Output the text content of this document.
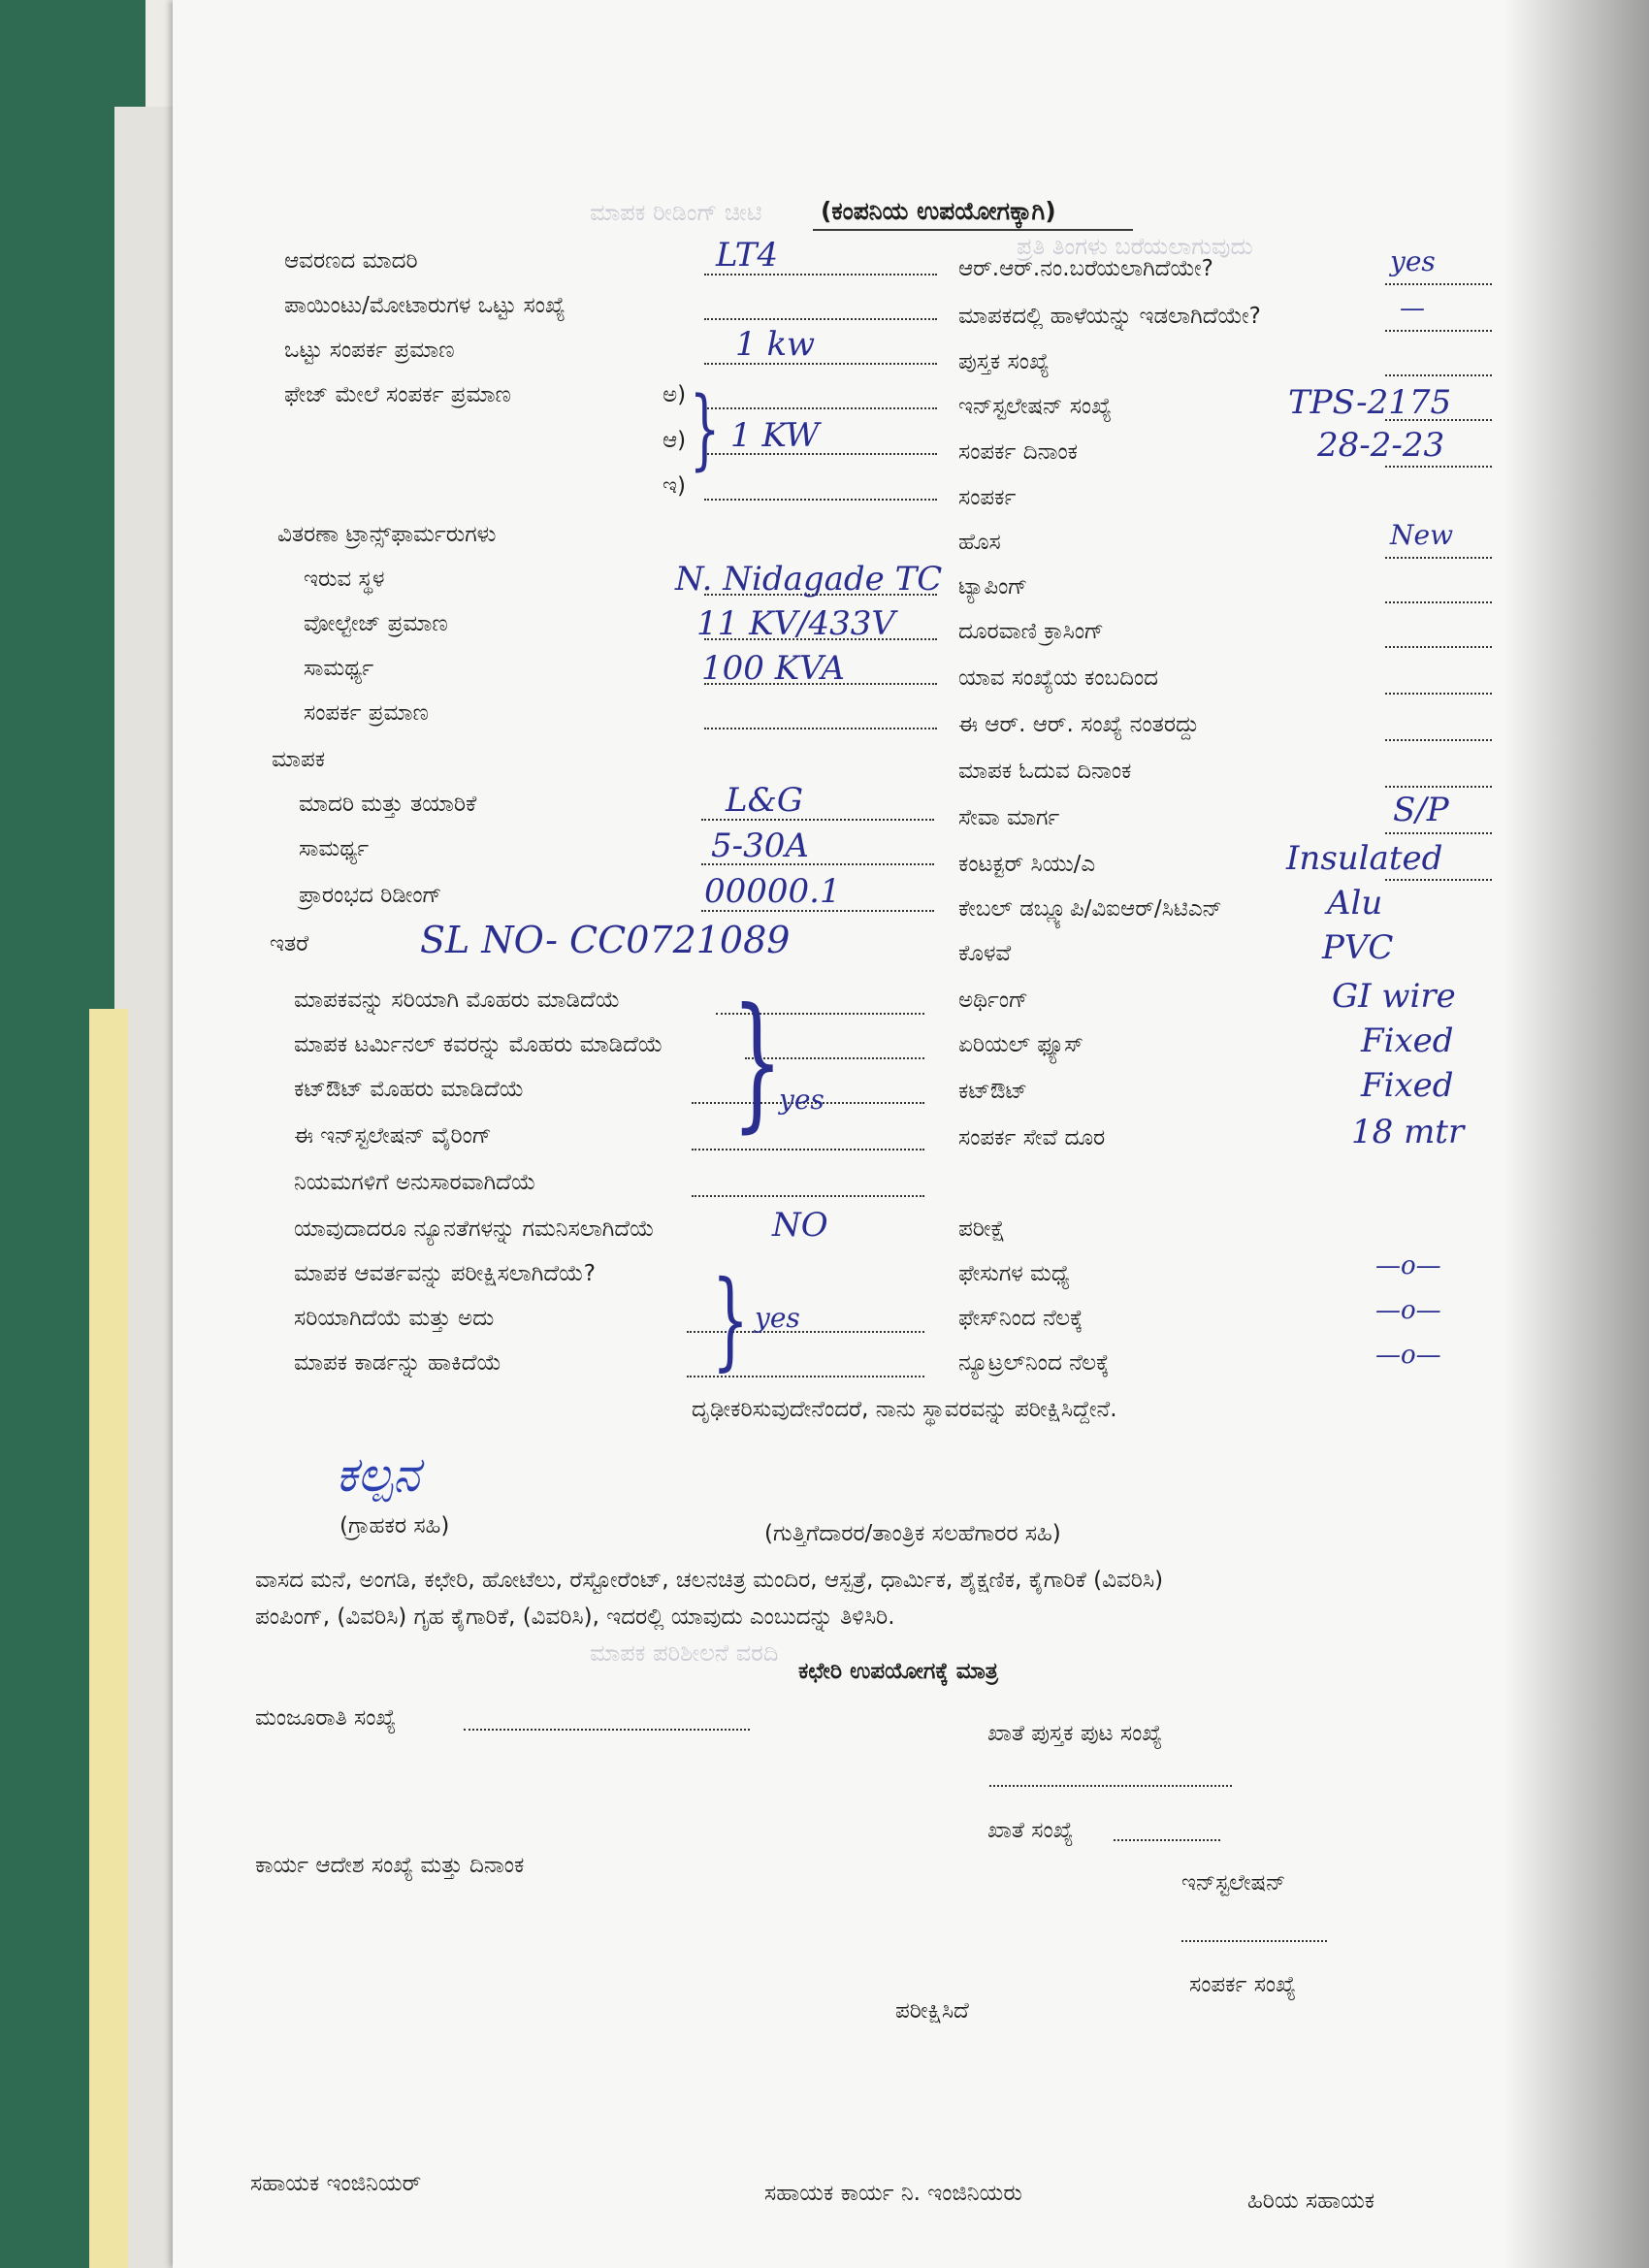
ಮಾಪಕ ರೀಡಿಂಗ್ ಚೀಟಿ
ಪ್ರತಿ ತಿಂಗಳು ಬರೆಯಲಾಗುವುದು
ಮಾಪಕ ಪರಿಶೀಲನೆ ವರದಿ
(ಕಂಪನಿಯ ಉಪಯೋಗಕ್ಕಾಗಿ)
ಆವರಣದ ಮಾದರಿ	LT4
ಪಾಯಿಂಟು/ಮೋಟಾರುಗಳ ಒಟ್ಟು ಸಂಖ್ಯೆ
ಒಟ್ಟು ಸಂಪರ್ಕ ಪ್ರಮಾಣ	1 kw
ಫೇಜ್ ಮೇಲೆ ಸಂಪರ್ಕ ಪ್ರಮಾಣ	ಅ)
ಆ) 1 KW
ಇ)
}
ವಿತರಣಾ ಟ್ರಾನ್ಸ್‌ಫಾರ್ಮರುಗಳು
ಇರುವ ಸ್ಥಳ	N. Nidagade TC
ವೋಲ್ಟೇಜ್ ಪ್ರಮಾಣ	11 KV/433V
ಸಾಮರ್ಥ್ಯ	100 KVA
ಸಂಪರ್ಕ ಪ್ರಮಾಣ
ಮಾಪಕ
ಮಾದರಿ ಮತ್ತು ತಯಾರಿಕೆ	L&G
ಸಾಮರ್ಥ್ಯ	5-30A
ಪ್ರಾರಂಭದ ರಿಡೀಂಗ್	00000.1
ಇತರೆ	SL NO- CC0721089
ಮಾಪಕವನ್ನು ಸರಿಯಾಗಿ ಮೊಹರು ಮಾಡಿದೆಯೆ
ಮಾಪಕ ಟರ್ಮಿನಲ್ ಕವರನ್ನು ಮೊಹರು ಮಾಡಿದೆಯೆ
ಕಟ್‌ಔಟ್ ಮೊಹರು ಮಾಡಿದೆಯೆ
ಈ ಇನ್‌ಸ್ಟಲೇಷನ್ ವೈರಿಂಗ್
ನಿಯಮಗಳಿಗೆ ಅನುಸಾರವಾಗಿದೆಯೆ
}
yes
ಯಾವುದಾದರೂ ನ್ಯೂನತೆಗಳನ್ನು ಗಮನಿಸಲಾಗಿದೆಯೆ	NO
ಮಾಪಕ ಆವರ್ತವನ್ನು ಪರೀಕ್ಷಿಸಲಾಗಿದೆಯೆ?
ಸರಿಯಾಗಿದೆಯೆ ಮತ್ತು ಅದು
ಮಾಪಕ ಕಾರ್ಡನ್ನು ಹಾಕಿದೆಯೆ } yes
ಆರ್.ಆರ್.ನಂ.ಬರೆಯಲಾಗಿದೆಯೇ?	yes
ಮಾಪಕದಲ್ಲಿ ಹಾಳೆಯನ್ನು ಇಡಲಾಗಿದೆಯೇ?	—
ಪುಸ್ತಕ ಸಂಖ್ಯೆ
ಇನ್‌ಸ್ಟಲೇಷನ್ ಸಂಖ್ಯೆ	TPS-2175
ಸಂಪರ್ಕ ದಿನಾಂಕ	28-2-23
ಸಂಪರ್ಕ
ಹೊಸ	New
ಟ್ಯಾಪಿಂಗ್
ದೂರವಾಣಿ ಕ್ರಾಸಿಂಗ್
ಯಾವ ಸಂಖ್ಯೆಯ ಕಂಬದಿಂದ
ಈ ಆರ್. ಆರ್. ಸಂಖ್ಯೆ ನಂತರದ್ದು
ಮಾಪಕ ಓದುವ ದಿನಾಂಕ
ಸೇವಾ ಮಾರ್ಗ	S/P
ಕಂಟಕ್ಟರ್ ಸಿಯು/ಎ	Insulated
ಕೇಬಲ್ ಡಬ್ಲ್ಯೂಪಿ/ವಿಐಆರ್/ಸಿಟಿಎನ್	Alu
ಕೊಳವೆ	PVC
ಅರ್ಥಿಂಗ್	GI wire
ಏರಿಯಲ್ ಫ್ಯೂಸ್	Fixed
ಕಟ್‌ಔಟ್	Fixed
ಸಂಪರ್ಕ ಸೇವೆ ದೂರ	18 mtr
ಪರೀಕ್ಷೆ
ಫೇಸುಗಳ ಮಧ್ಯೆ	—o—
ಫೇಸ್‌ನಿಂದ ನೆಲಕ್ಕೆ	—o—
ನ್ಯೂಟ್ರಲ್‌ನಿಂದ ನೆಲಕ್ಕೆ	—o—
ದೃಢೀಕರಿಸುವುದೇನೆಂದರೆ, ನಾನು ಸ್ಥಾವರವನ್ನು ಪರೀಕ್ಷಿಸಿದ್ದೇನೆ.
ಕಲ್ಪನ
(ಗ್ರಾಹಕರ ಸಹಿ)	(ಗುತ್ತಿಗೆದಾರರ/ತಾಂತ್ರಿಕ ಸಲಹೆಗಾರರ ಸಹಿ)
ವಾಸದ ಮನೆ, ಅಂಗಡಿ, ಕಛೇರಿ, ಹೋಟೆಲು, ರೆಸ್ಟೋರೆಂಟ್, ಚಲನಚಿತ್ರ ಮಂದಿರ, ಆಸ್ಪತ್ರೆ, ಧಾರ್ಮಿಕ, ಶೈಕ್ಷಣಿಕ, ಕೈಗಾರಿಕೆ (ವಿವರಿಸಿ)
ಪಂಪಿಂಗ್, (ವಿವರಿಸಿ) ಗೃಹ ಕೈಗಾರಿಕೆ, (ವಿವರಿಸಿ), ಇದರಲ್ಲಿ ಯಾವುದು ಎಂಬುದನ್ನು ತಿಳಿಸಿರಿ.
ಕಛೇರಿ ಉಪಯೋಗಕ್ಕೆ ಮಾತ್ರ
ಮಂಜೂರಾತಿ ಸಂಖ್ಯೆ
ಖಾತೆ ಪುಸ್ತಕ ಪುಟ ಸಂಖ್ಯೆ
ಖಾತೆ ಸಂಖ್ಯೆ
ಕಾರ್ಯ ಆದೇಶ ಸಂಖ್ಯೆ ಮತ್ತು ದಿನಾಂಕ
ಇನ್‌ಸ್ಟಲೇಷನ್
ಸಂಪರ್ಕ ಸಂಖ್ಯೆ
ಪರೀಕ್ಷಿಸಿದೆ
ಸಹಾಯಕ ಇಂಜಿನಿಯರ್	ಸಹಾಯಕ ಕಾರ್ಯ ನಿ. ಇಂಜಿನಿಯರು	ಹಿರಿಯ ಸಹಾಯಕ
